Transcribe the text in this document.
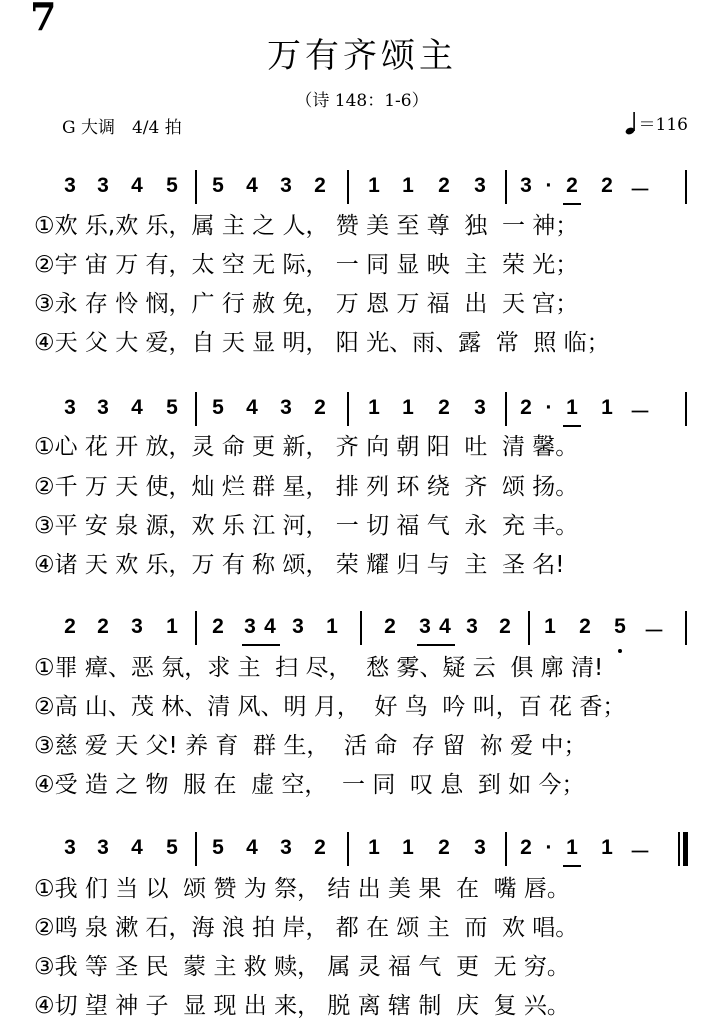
7
万有齐颂主
（诗 148：1-6）
G 大调　4/4 拍	＝116
3 3 4 5 5 4 3 2 1 1 2 3 3 · 2 2 －
①欢 乐,欢 乐，属 主 之 人， 赞 美 至 尊  独  一 神；
②宇 宙 万 有，太 空 无 际， 一 同 显 映  主  荣 光；
③永 存 怜 悯，广 行 赦 免， 万 恩 万 福  出  天 宫；
④天 父 大 爱，自 天 显 明， 阳 光、雨、露  常  照 临；
3 3 4 5 5 4 3 2 1 1 2 3 2 · 1 1 －
①心 花 开 放，灵 命 更 新， 齐 向 朝 阳  吐  清 馨。
②千 万 天 使，灿 烂 群 星， 排 列 环 绕  齐  颂 扬。
③平 安 泉 源，欢 乐 江 河， 一 切 福 气  永  充 丰。
④诸 天 欢 乐，万 有 称 颂， 荣 耀 归 与  主  圣 名!
2 2 3 1 2 3 4 3 1 2 3 4 3 2 1 2 5 －
①罪 瘴、恶 氛，求 主  扫 尽，  愁 雾、疑 云  俱 廓 清!
②高 山、茂 林、清 风、明 月，  好 鸟  吟 叫，百 花 香；
③慈 爱 天 父! 养 育  群 生，  活 命  存 留  祢 爱 中；
④受 造 之 物  服 在  虚 空，  一 同  叹 息  到 如 今；
3 3 4 5 5 4 3 2 1 1 2 3 2 · 1 1 －
①我 们 当 以  颂 赞 为 祭， 结 出 美 果  在  嘴 唇。
②鸣 泉 漱 石，海 浪 拍 岸， 都 在 颂 主  而  欢 唱。
③我 等 圣 民  蒙 主 救 赎， 属 灵 福 气  更  无 穷。
④切 望 神 子  显 现 出 来， 脱 离 辖 制  庆  复 兴。
